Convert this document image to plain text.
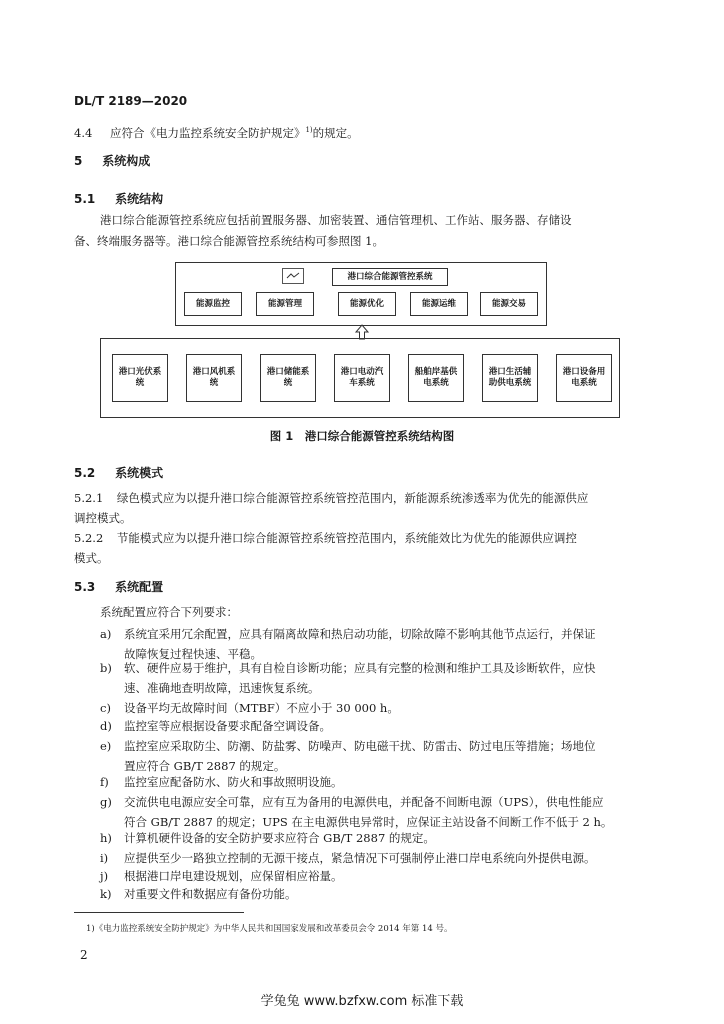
DL/T 2189—2020
4.4 应符合《电力监控系统安全防护规定》$^{1)}$的规定。
5 系统构成
5.1 系统结构
港口综合能源管控系统应包括前置服务器、加密装置、通信管理机、工作站、服务器、存储设
备、终端服务器等。港口综合能源管控系统结构可参照图 1。
港口综合能源管控系统
能源监控	能源管理	能源优化	能源运维	能源交易
港口光伏系统
港口风机系统
港口储能系统
港口电动汽车系统
船舶岸基供电系统
港口生活辅助供电系统
港口设备用电系统
图 1　港口综合能源管控系统结构图
5.2 系统模式
5.2.1 绿色模式应为以提升港口综合能源管控系统管控范围内，新能源系统渗透率为优先的能源供应
调控模式。
5.2.2 节能模式应为以提升港口综合能源管控系统管控范围内，系统能效比为优先的能源供应调控
模式。
5.3 系统配置
系统配置应符合下列要求：
a) 系统宜采用冗余配置，应具有隔离故障和热启动功能，切除故障不影响其他节点运行，并保证
故障恢复过程快速、平稳。
b) 软、硬件应易于维护，具有自检自诊断功能；应具有完整的检测和维护工具及诊断软件，应快
速、准确地查明故障，迅速恢复系统。
c) 设备平均无故障时间（MTBF）不应小于 30 000 h。
d) 监控室等应根据设备要求配备空调设备。
e) 监控室应采取防尘、防潮、防盐雾、防噪声、防电磁干扰、防雷击、防过电压等措施；场地位
置应符合 GB/T 2887 的规定。
f) 监控室应配备防水、防火和事故照明设施。
g) 交流供电电源应安全可靠，应有互为备用的电源供电，并配备不间断电源（UPS），供电性能应
符合 GB/T 2887 的规定；UPS 在主电源供电异常时，应保证主站设备不间断工作不低于 2 h。
h) 计算机硬件设备的安全防护要求应符合 GB/T 2887 的规定。
i) 应提供至少一路独立控制的无源干接点，紧急情况下可强制停止港口岸电系统向外提供电源。
j) 根据港口岸电建设规划，应保留相应裕量。
k) 对重要文件和数据应有备份功能。
1)《电力监控系统安全防护规定》为中华人民共和国国家发展和改革委员会令 2014 年第 14 号。
2
学兔兔 www.bzfxw.com 标准下载
